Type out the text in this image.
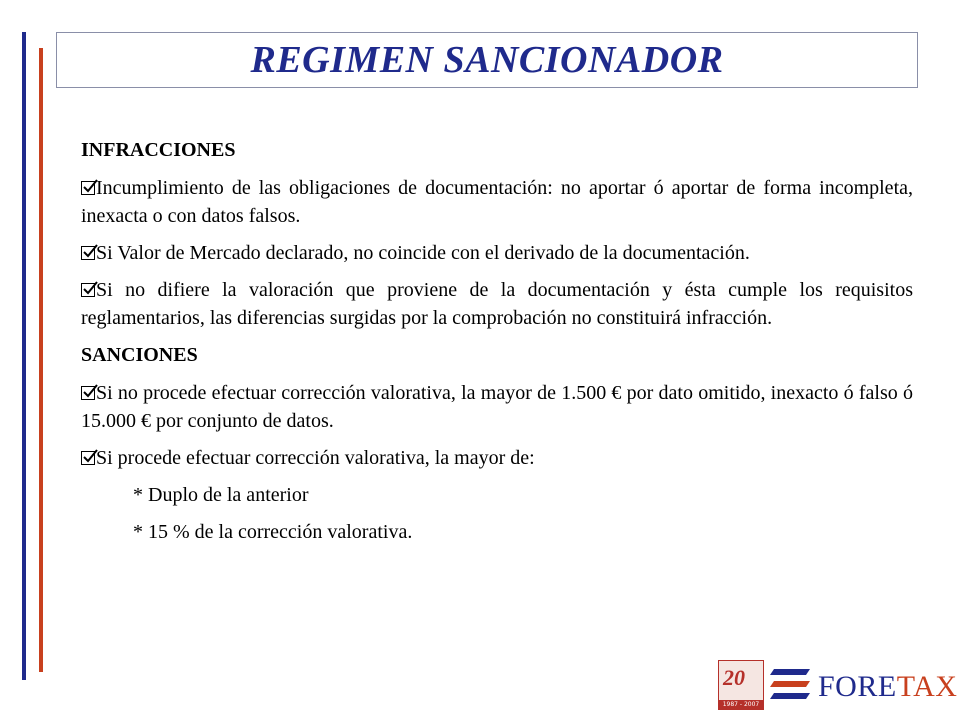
REGIMEN SANCIONADOR
INFRACCIONES

Incumplimiento de las obligaciones de documentación: no aportar ó aportar de forma incompleta, inexacta o con datos falsos.

Si Valor de Mercado declarado, no coincide con el derivado de la documentación.

Si no difiere la valoración que proviene de la documentación y ésta cumple los requisitos reglamentarios, las diferencias surgidas por la comprobación no constituirá infracción.

SANCIONES

Si no procede efectuar corrección valorativa, la mayor de 1.500 € por dato omitido, inexacto ó falso ó 15.000 € por conjunto de datos.

Si procede efectuar corrección valorativa, la mayor de:

* Duplo de la anterior

* 15 % de la corrección valorativa.

20
1987 - 2007
FORETAX
